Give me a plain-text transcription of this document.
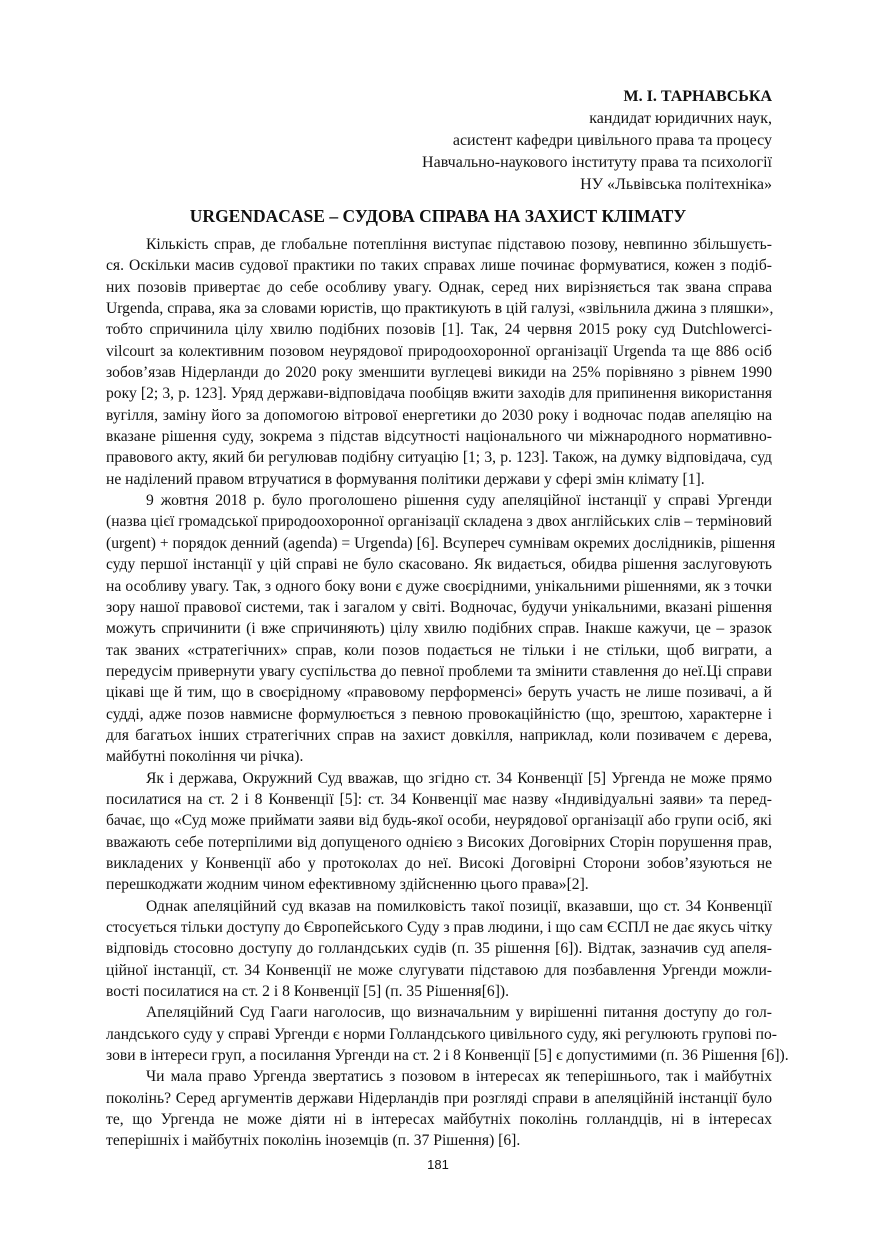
М. І. ТАРНАВСЬКА
кандидат юридичних наук,
асистент кафедри цивільного права та процесу
Навчально-наукового інституту права та психології
НУ «Львівська політехніка»
URGENDACASE – СУДОВА СПРАВА НА ЗАХИСТ КЛІМАТУ
Кількість справ, де глобальне потепління виступає підставою позову, невпинно збільшуєть-
ся. Оскільки масив судової практики по таких справах лише починає формуватися, кожен з подіб-
них позовів привертає до себе особливу увагу. Однак, серед них вирізняється так звана справа
Urgenda, справа, яка за словами юристів, що практикують в цій галузі, «звільнила джина з пляшки»,
тобто спричинила цілу хвилю подібних позовів [1]. Так, 24 червня 2015 року суд Dutchlowerci-
vilcourt за колективним позовом неурядової природоохоронної організації Urgenda та ще 886 осіб
зобов’язав Нідерланди до 2020 року зменшити вуглецеві викиди на 25% порівняно з рівнем 1990
року [2; 3, p. 123]. Уряд держави-відповідача пообіцяв вжити заходів для припинення використання
вугілля, заміну його за допомогою вітрової енергетики до 2030 року і водночас подав апеляцію на
вказане рішення суду, зокрема з підстав відсутності національного чи міжнародного нормативно-
правового акту, який би регулював подібну ситуацію [1; 3, p. 123]. Також, на думку відповідача, суд
не наділений правом втручатися в формування політики держави у сфері змін клімату [1].
9 жовтня 2018 р. було проголошено рішення суду апеляційної інстанції у справі Ургенди
(назва цієї громадської природоохоронної організації складена з двох англійських слів – терміновий
(urgent) + порядок денний (agenda) = Urgenda) [6]. Всупереч сумнівам окремих дослідників, рішення
суду першої інстанції у цій справі не було скасовано. Як видається, обидва рішення заслуговують
на особливу увагу. Так, з одного боку вони є дуже своєрідними, унікальними рішеннями, як з точки
зору нашої правової системи, так і загалом у світі. Водночас, будучи унікальними, вказані рішення
можуть спричинити (і вже спричиняють) цілу хвилю подібних справ. Інакше кажучи, це – зразок
так званих «стратегічних» справ, коли позов подається не тільки і не стільки, щоб виграти, а
передусім привернути увагу суспільства до певної проблеми та змінити ставлення до неї.Ці справи
цікаві ще й тим, що в своєрідному «правовому перформенсі» беруть участь не лише позивачі, а й
судді, адже позов навмисне формулюється з певною провокаційністю (що, зрештою, характерне і
для багатьох інших стратегічних справ на захист довкілля, наприклад, коли позивачем є дерева,
майбутні покоління чи річка).
Як і держава, Окружний Суд вважав, що згідно ст. 34 Конвенції [5] Ургенда не може прямо
посилатися на ст. 2 і 8 Конвенції [5]: ст. 34 Конвенції має назву «Індивідуальні заяви» та перед-
бачає, що «Суд може приймати заяви від будь-якої особи, неурядової організації або групи осіб, які
вважають себе потерпілими від допущеного однією з Високих Договірних Сторін порушення прав,
викладених у Конвенції або у протоколах до неї. Високі Договірні Сторони зобов’язуються не
перешкоджати жодним чином ефективному здійсненню цього права»[2].
Однак апеляційний суд вказав на помилковість такої позиції, вказавши, що ст. 34 Конвенції
стосується тільки доступу до Європейського Суду з прав людини, і що сам ЄСПЛ не дає якусь чітку
відповідь стосовно доступу до голландських судів (п. 35 рішення [6]). Відтак, зазначив суд апеля-
ційної інстанції, ст. 34 Конвенції не може слугувати підставою для позбавлення Ургенди можли-
вості посилатися на ст. 2 і 8 Конвенції [5] (п. 35 Рішення[6]).
Апеляційний Суд Гааги наголосив, що визначальним у вирішенні питання доступу до гол-
ландського суду у справі Ургенди є норми Голландського цивільного суду, які регулюють групові по-
зови в інтереси груп, а посилання Ургенди на ст. 2 і 8 Конвенції [5] є допустимими (п. 36 Рішення [6]).
Чи мала право Ургенда звертатись з позовом в інтересах як теперішнього, так і майбутніх
поколінь? Серед аргументів держави Нідерландів при розгляді справи в апеляційній інстанції було
те, що Ургенда не може діяти ні в інтересах майбутніх поколінь голландців, ні в інтересах
теперішніх і майбутніх поколінь іноземців (п. 37 Рішення) [6].
181
